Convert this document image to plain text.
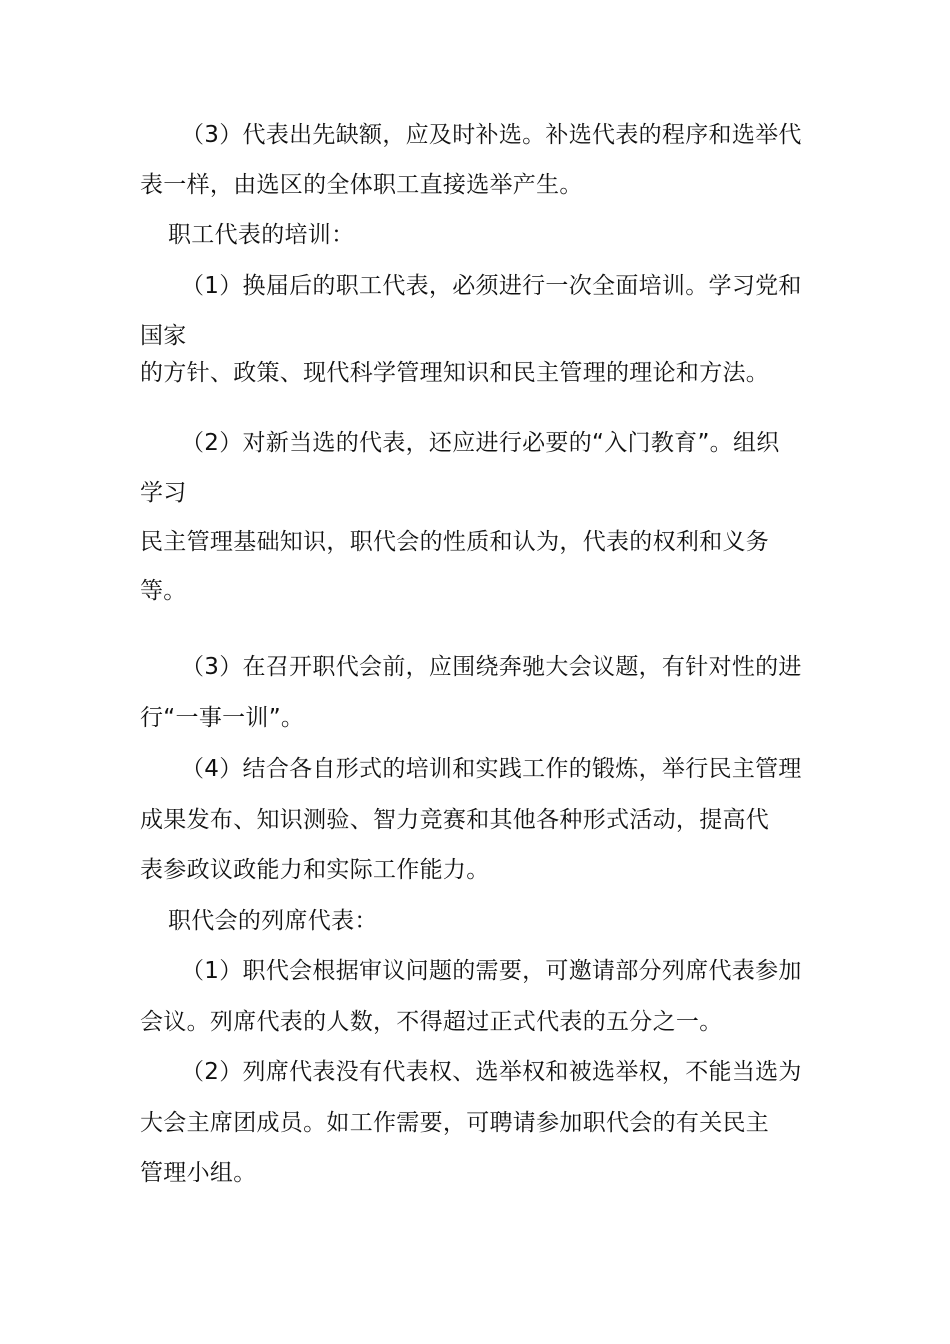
（3）代表出先缺额，应及时补选。补选代表的程序和选举代

表一样，由选区的全体职工直接选举产生。

职工代表的培训：

（1）换届后的职工代表，必须进行一次全面培训。学习党和

国家

的方针、政策、现代科学管理知识和民主管理的理论和方法。

（2）对新当选的代表，还应进行必要的“入门教育”。组织

学习

民主管理基础知识，职代会的性质和认为，代表的权利和义务

等。

（3）在召开职代会前，应围绕奔驰大会议题，有针对性的进

行“一事一训”。

（4）结合各自形式的培训和实践工作的锻炼，举行民主管理

成果发布、知识测验、智力竞赛和其他各种形式活动，提高代

表参政议政能力和实际工作能力。

职代会的列席代表：

（1）职代会根据审议问题的需要，可邀请部分列席代表参加

会议。列席代表的人数，不得超过正式代表的五分之一。

（2）列席代表没有代表权、选举权和被选举权，不能当选为

大会主席团成员。如工作需要，可聘请参加职代会的有关民主

管理小组。
